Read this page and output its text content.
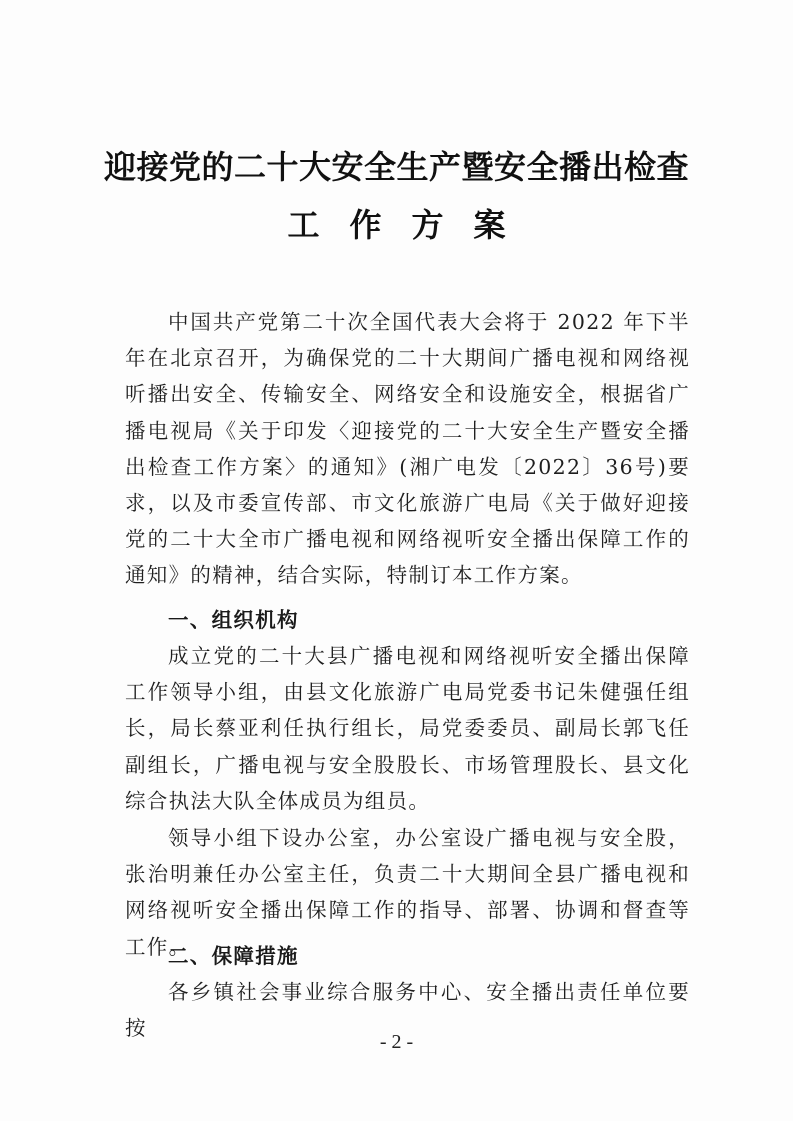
迎接党的二十大安全生产暨安全播出检查
工作方案

中国共产党第二十次全国代表大会将于 2022 年下半年在北京召开，为确保党的二十大期间广播电视和网络视听播出安全、传输安全、网络安全和设施安全，根据省广播电视局《关于印发〈迎接党的二十大安全生产暨安全播出检查工作方案〉的通知》(湘广电发〔2022〕36号)要求，以及市委宣传部、市文化旅游广电局《关于做好迎接党的二十大全市广播电视和网络视听安全播出保障工作的通知》的精神，结合实际，特制订本工作方案。

一、组织机构

成立党的二十大县广播电视和网络视听安全播出保障工作领导小组，由县文化旅游广电局党委书记朱健强任组长，局长蔡亚利任执行组长，局党委委员、副局长郭飞任副组长，广播电视与安全股股长、市场管理股长、县文化综合执法大队全体成员为组员。

领导小组下设办公室，办公室设广播电视与安全股，张治明兼任办公室主任，负责二十大期间全县广播电视和网络视听安全播出保障工作的指导、部署、协调和督查等工作。

二、保障措施

各乡镇社会事业综合服务中心、安全播出责任单位要按

- 2 -
